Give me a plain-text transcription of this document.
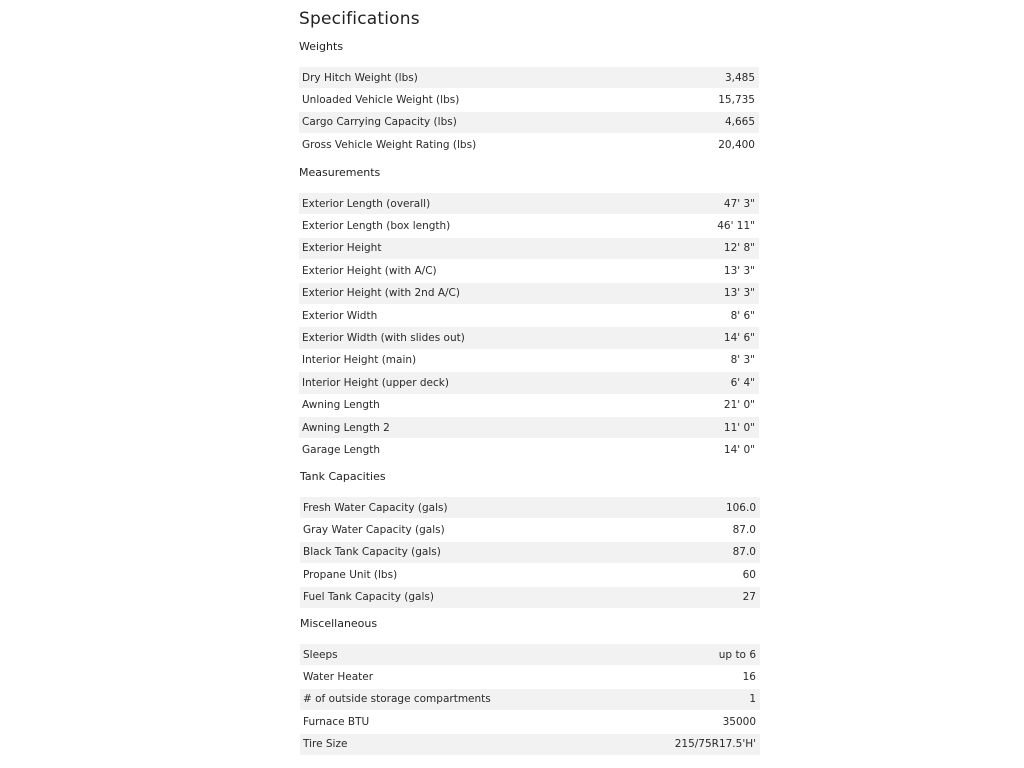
Specifications
Weights
Dry Hitch Weight (lbs)	3,485
Unloaded Vehicle Weight (lbs)	15,735
Cargo Carrying Capacity (lbs)	4,665
Gross Vehicle Weight Rating (lbs)	20,400
Measurements
Exterior Length (overall)	47' 3"
Exterior Length (box length)	46' 11"
Exterior Height	12' 8"
Exterior Height (with A/C)	13' 3"
Exterior Height (with 2nd A/C)	13' 3"
Exterior Width	8' 6"
Exterior Width (with slides out)	14' 6"
Interior Height (main)	8' 3"
Interior Height (upper deck)	6' 4"
Awning Length	21' 0"
Awning Length 2	11' 0"
Garage Length	14' 0"
Tank Capacities
Fresh Water Capacity (gals)	106.0
Gray Water Capacity (gals)	87.0
Black Tank Capacity (gals)	87.0
Propane Unit (lbs)	60
Fuel Tank Capacity (gals)	27
Miscellaneous
Sleeps	up to 6
Water Heater	16
# of outside storage compartments	1
Furnace BTU	35000
Tire Size	215/75R17.5'H'
